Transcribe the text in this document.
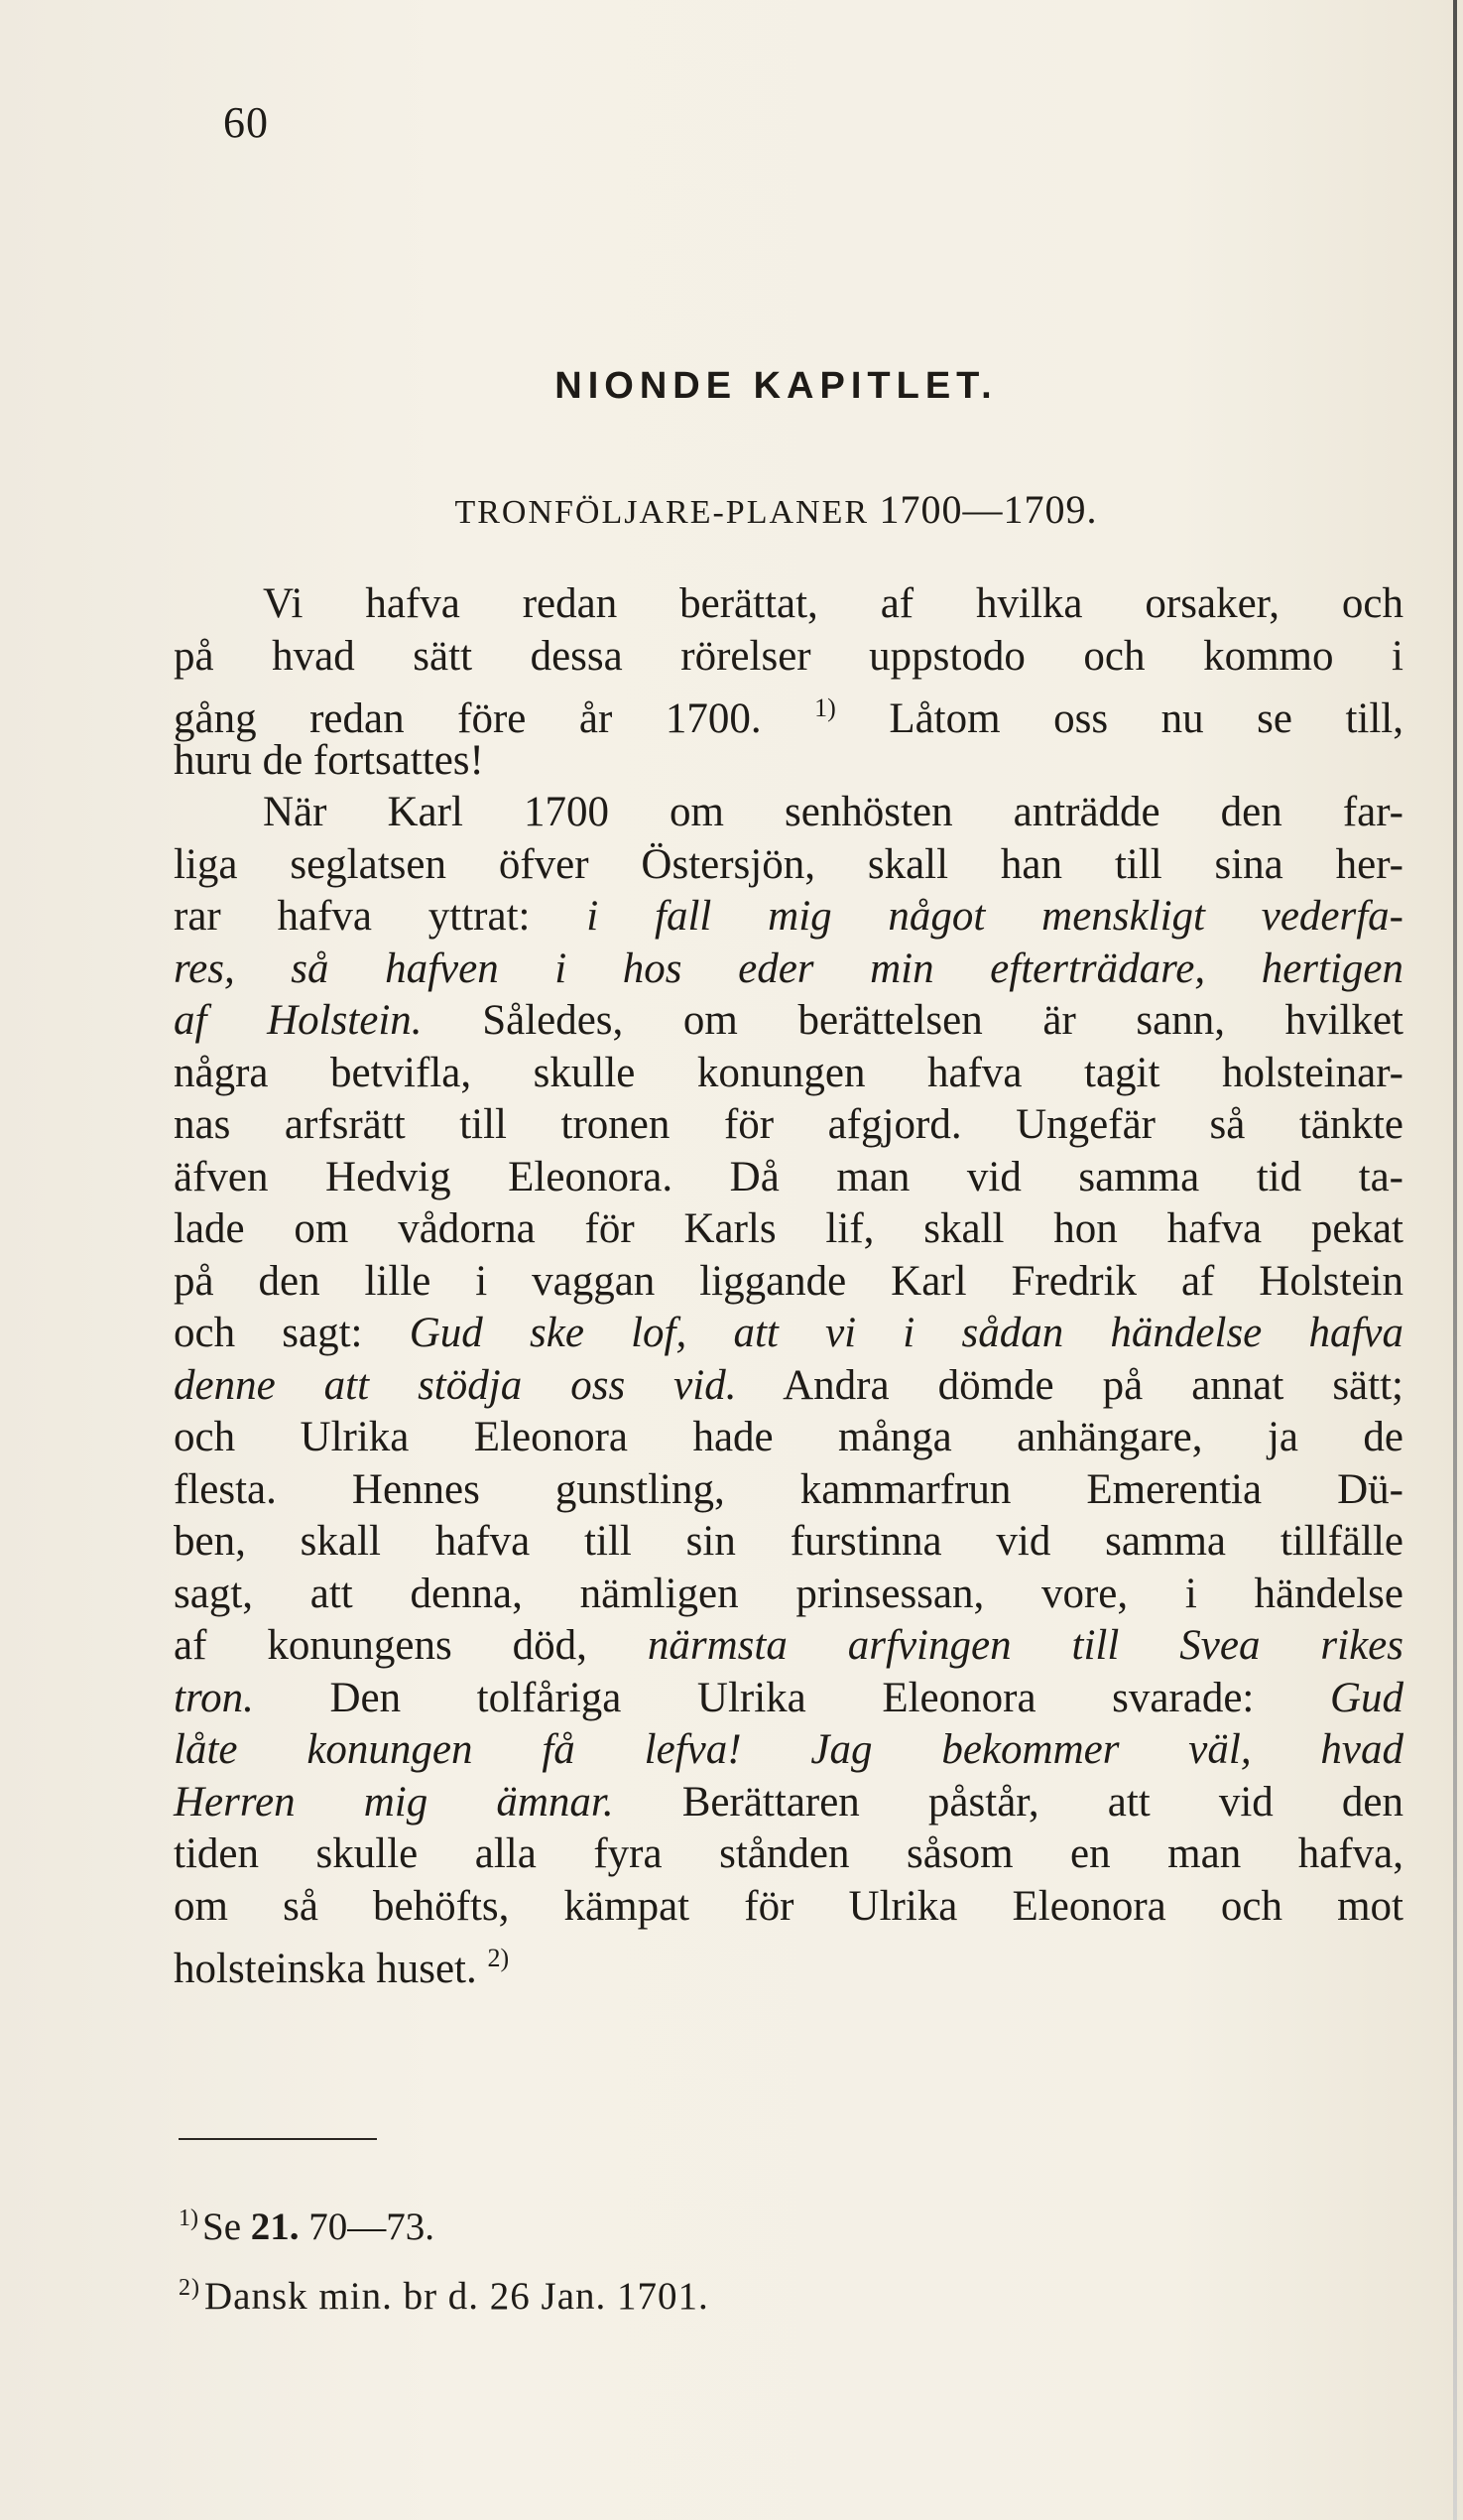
60
NIONDE KAPITLET.
TRONFÖLJARE-PLANER 1700—1709.
Vi hafva redan berättat, af hvilka orsaker, och
på hvad sätt dessa rörelser uppstodo och kommo i
gång redan före år 1700. $^{1)}$ Låtom oss nu se till,
huru de fortsattes!
När Karl 1700 om senhösten anträdde den far-
liga seglatsen öfver Östersjön, skall han till sina her-
rar hafva yttrat: i fall mig något menskligt vederfa-
res, så hafven i hos eder min efterträdare, hertigen
af Holstein. Således, om berättelsen är sann, hvilket
några betvifla, skulle konungen hafva tagit holsteinar-
nas arfsrätt till tronen för afgjord. Ungefär så tänkte
äfven Hedvig Eleonora. Då man vid samma tid ta-
lade om vådorna för Karls lif, skall hon hafva pekat
på den lille i vaggan liggande Karl Fredrik af Holstein
och sagt: Gud ske lof, att vi i sådan händelse hafva
denne att stödja oss vid. Andra dömde på annat sätt;
och Ulrika Eleonora hade många anhängare, ja de
flesta. Hennes gunstling, kammarfrun Emerentia Dü-
ben, skall hafva till sin furstinna vid samma tillfälle
sagt, att denna, nämligen prinsessan, vore, i händelse
af konungens död, närmsta arfvingen till Svea rikes
tron. Den tolfåriga Ulrika Eleonora svarade: Gud
låte konungen få lefva! Jag bekommer väl, hvad
Herren mig ämnar. Berättaren påstår, att vid den
tiden skulle alla fyra stånden såsom en man hafva,
om så behöfts, kämpat för Ulrika Eleonora och mot
holsteinska huset. $^{2)}$
$^{1)}$ Se 21. 70—73.
$^{2)}$ Dansk min. br d. 26 Jan. 1701.
